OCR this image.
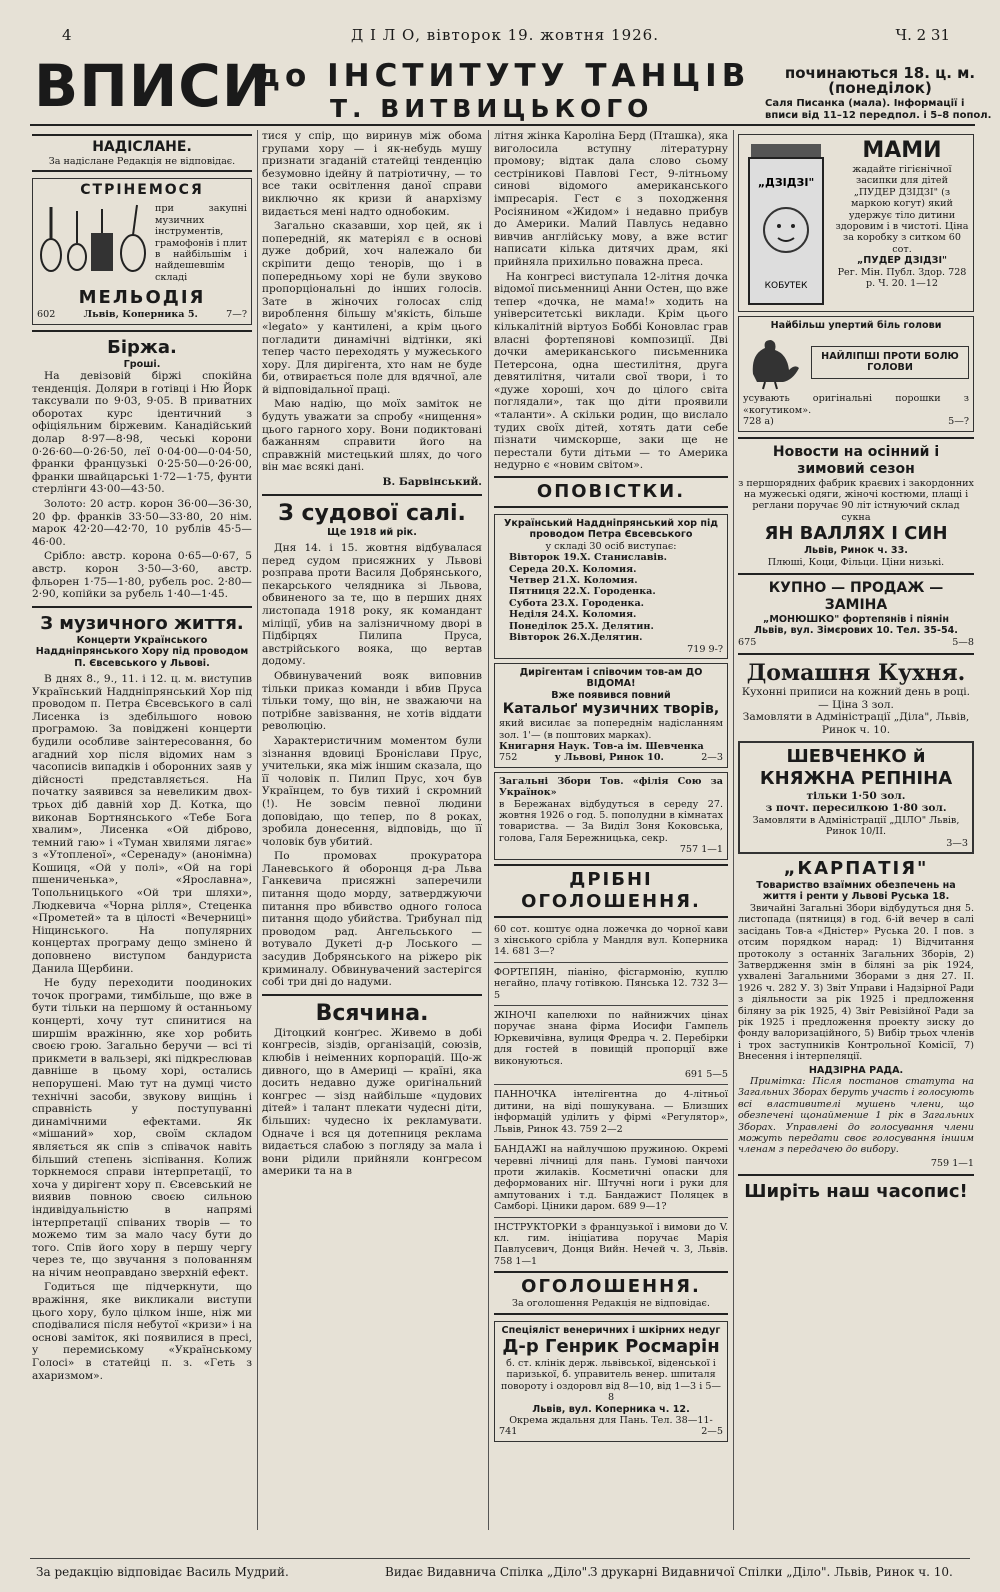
4	Д І Л О, вівторок 19. жовтня 1926.	Ч. 2 31
ВПИСИ
до ІНСТИТУТУ ТАНЦІВ
Т. ВИТВИЦЬКОГО
починаються 18. ц. м. (понеділок)
Саля Писанка (мала). Інформації і вписи від 11–12 передпол. і 5–8 попол.
НАДІСЛАНЕ.
За надіслане Редакція не відповідає.
СТРІНЕМОСЯ
при закупні музичних інструментів, грамофонів і плит в найбільшім і найдешевшім складі
МЕЛЬОДІЯ
602	Львів, Коперника 5.	7—?
Біржа.
Гроші.

На девізовій біржі спокійна тенденція. Доляри в готівці і Ню Йорк таксували по 9·03, 9·05. В приватних оборотах курс ідентичний з офіціяльним біржевим. Канадійський долар 8·97—8·98, чеські корони 0·26·60—0·26·50, леї 0·04·00—0·04·50, франки французькі 0·25·50—0·26·00, франки швайцарські 1·72—1·75, фунти стерлінги 43·00—43·50.

Золото: 20 астр. корон 36·00—36·30, 20 фр. франків 33·50—33·80, 20 нім. марок 42·20—42·70, 10 рублів 45·5—46·00.

Срібло: австр. корона 0·65—0·67, 5 австр. корон 3·50—3·60, австр. фльорен 1·75—1·80, рубель рос. 2·80—2·90, копійки за рубель 1·40—1·45.

З музичного життя.
Концерти Українського Наддніпрянського Хору під проводом П. Євсевського у Львові.

В днях 8., 9., 11. і 12. ц. м. виступив Український Наддніпрянський Хор під проводом п. Петра Євсевського в салі Лисенка із здебільшого новою програмою. За повіджені концерти будили особливе заінтересовання, бо агадний хор після відомих нам з часописів випадків і оборонних заяв у дійсності представляється. На початку заявився за невеликим двох-трьох діб давній хор Д. Котка, що виконав Бортнянського «Тебе Бога хвалим», Лисенка «Ой діброво, темний гаю» і «Туман хвилями лягає» з «Утопленої», «Серенаду» (анонімна) Кошиця, «Ой у полі», «Ой на горі пшениченька», «Ярославна», Топольницького «Ой три шляхи», Людкевича «Чорна рілля», Стеценка «Прометей» та в цілості «Вечерниці» Ніщинського. На популярних концертах програму дещо змінено й доповнено виступом бандуриста Данила Щербини.

Не буду переходити поодиноких точок програми, тимбільше, що вже в бути тільки на першому й останньому концерті, хочу тут спинитися на ширшім вражінню, яке хор робить своєю грою. Загально беручи — всі ті прикмети в вальзері, які підкреслював давніше в цьому хорі, остались непорушені. Маю тут на думці чисто технічні засоби, звукову вищінь і справність у поступуванні динамічними ефектами. Як «мішаний» хор, своїм складом являється як спів з співачок навіть більший степень зіспівання. Колиж торкнемося справи інтерпретації, то хоча у дирігент хору п. Євсевський не виявив повною своєю сильною індивідуальністю в напрямі інтерпретації співаних творів — то можемо тим за мало часу бути до того. Спів його хору в першу чергу через те, що звучання з полованням на нічим неоправдано зверхній ефект.

Годиться ще підчеркнути, що вражіння, яке викликали виступи цього хору, було цілком інше, ніж ми сподівалися після небутої «кризи» і на основі заміток, які появилися в пресі, у перемиському «Українському Голосі» в статейці п. з. «Геть з ахаризмом».

тися у спір, що виринув між обома групами хору — і як-небудь мушу признати згаданій статейці тенденцію безумовно ідейну й патріотичну, — то все таки освітлення даної справи виключно як кризи й анархізму видається мені надто однобоким.

Загально сказавши, хор цей, як і попередній, як матеріял є в основі дуже добрий, хоч належало би скріпити дещо тенорів, що і в попередньому хорі не були звуково пропорціональні до інших голосів. Зате в жіночих голосах слід вироблення більшу м'якість, більше «legato» у кантилені, а крім цього погладити динамічні відтінки, які тепер часто переходять у мужеського хору. Для дирігента, хто нам не буде би, отвирається поле для вдячної, але й відповідальної праці.

Маю надію, що моїх заміток не будуть уважати за спробу «нищення» цього гарного хору. Вони подиктовані бажанням справити його на справжній мистецький шлях, до чого він має всякі дані.

В. Барвінський.
З судової салі.
Ще 1918 ий рік.

Дня 14. і 15. жовтня відбувалася перед судом присяжних у Львові розправа проти Василя Добрянського, пекарського челядника зі Львова, обвиненого за те, що в перших днях листопада 1918 року, як командант міліції, убив на залізничному дворі в Підбірцях Пилипа Пруса, австрійського вояка, що вертав додому.

Обвинувачений вояк виповнив тільки приказ команди і вбив Пруса тільки тому, що він, не зважаючи на потрібне завізвання, не хотів віддати революцію.

Характеристичним моментом були зізнання вдовиці Броніслави Прус, учительки, яка між іншим сказала, що її чоловік п. Пилип Прус, хоч був Українцем, то був тихий і скромний (!). Не зовсім певної людини доповідаю, що тепер, по 8 роках, зробила донесення, відповідь, що її чоловік був убитий.

По промовах прокуратора Ланевського й оборонця д-ра Льва Ганкевича присяжні заперечили питання щодо морду, затверджуючи питання про вбивство одного голоса питання щодо убийства. Трибунал під проводом рад. Ангельського — вотувало Дукеті д-р Лоського — засудив Добрянського на ріжеро рік криминалу. Обвинувачений застерігся собі три дні до надуми.

Всячина.

Дітоцкий конґрес. Живемо в добі конгресів, зіздів, організацій, союзів, клюбів і неіменних корпорацій. Що-ж дивного, що в Америці — країні, яка досить недавно дуже оригінальний конгрес — зізд найбільше «цудових дітей» і талант плекати чудесні діти, більших: чудесно іх рекламувати. Одначе і вся ця дотепниця реклама видається слабою з погляду за мала і вони рідили прийняли конгресом америки та на в

літня жінка Кароліна Берд (Пташка), яка виголосила вступну літературну промову; відтак дала слово сьому сестріникові Павлові Гест, 9-літньому синові відомого американського імпресарія. Гест є з походження Росіянином «Жидом» і недавно прибув до Америки. Малий Павлусь недавно вивчив англійську мову, а вже встиг написати кілька дитячих драм, які прийняла прихильно поважна преса.

На конгресі виступала 12-літня дочка відомої письменниці Анни Остен, що вже тепер «дочка, не мама!» ходить на університетські виклади. Крім цього кількалітній віртуоз Боббі Коновлас грав власні фортепянові композиції. Дві дочки американського письменника Петерсона, одна шестилітня, друга девятилітня, читали свої твори, і то «дуже хороші, хоч до цілого світа поглядали», так що діти проявили «таланти». А скільки родин, що вислало тудих своїх дітей, хотять дати себе пізнати чимскорше, заки ще не перестали бути дітьми — то Америка недурно є «новим світом».

ОПОВІСТКИ.
Український Наддніпрянський хор під проводом Петра Євсевського
у складі 30 осіб виступає:
Вівторок 19.Х. Станиславів.
Середа 20.Х. Коломия.
Четвер 21.Х. Коломия.
Пятниця 22.Х. Городенка.
Субота 23.Х. Городенка.
Неділя 24.Х. Коломия.
Понеділок 25.Х. Делятин.
Вівторок 26.Х.Делятин.
719 9-?
Дирігентам і співочим тов-ам ДО ВІДОМА!
Вже появився повний
Катальоґ музичних творів,
який висилає за попереднім надісланням зол. 1'— (в поштових марках).
Книгарня Наук. Тов-а ім. Шевченка
752	у Львові, Ринок 10.	2—3
Загальні Збори Тов. «філія Сою за Українок»
в Бережанах відбудуться в середу 27. жовтня 1926 о год. 5. пополудни в кімнатах товариства. — За Виділ Зоня Коковська, голова, Галя Бережницька, секр.
757 1—1
ДРІБНІ ОГОЛОШЕННЯ.

60 сот. коштує одна ложечка до чорної кави з хінського срібла у Мандля вул. Коперника 14. 681 3—?

ФОРТЕПЯН, піаніно, фісгармонію, куплю негайно, плачу готівкою. Пянська 12. 732 3—5

ЖІНОЧІ капелюхи по найнижчих цінах поручає знана фірма Иосифи Гампель Юркевичівна, вулиця Фредра ч. 2. Перебірки для гостей в повищій пропорції вже виконуються.

691 5—5

ПАННОЧКА інтелігентна до 4-літньої дитини, на віді пошукувана. — Близших інформацій уділить у фірмі «Регулятор», Львів, Ринок 43. 759 2—2

БАНДАЖІ на найлучшою пружиною. Окремі черевні лічниці для пань. Гумові панчохи проти жилаків. Косметичні опаски для деформованих ніг. Штучні ноги і руки для ампутованих і т.д. Бандажист Поляцек в Самборі. Ціники даром. 689 9—1?

ІНСТРУКТОРКИ з французької і вимови до V. кл. гим. ініціатива поручає Марія Павлусевич, Донця Вийн. Нечей ч. 3, Львів. 758 1—1

ОГОЛОШЕННЯ.
За оголошення Редакція не відповідає.
Спеціяліст венеричних і шкірних недуг
Д-р Генрик Росмарін
б. ст. клінік держ. львівської, віденської і паризької, б. управитель венер. шпиталя повороту і оздоровл від 8—10, від 1—3 і 5—8
Львів, вул. Коперника ч. 12.
Окрема ждальня для Пань. Тел. 38—11-
741	2—5
„ДЗІДЗІ"
КОБУТЕК
МАМИ
жадайте гігієнічної засипки для дітей „ПУДЕР ДЗІДЗІ" (з маркою когут) який удержує тіло дитини здоровим і в чистоті. Ціна за коробку з ситком 60 сот.
„ПУДЕР ДЗІДЗІ"
Рег. Мін. Публ. Здор. 728 р. Ч. 20. 1—12
Найбільш упертий біль голови
НАЙЛІПШІ ПРОТИ БОЛЮ ГОЛОВИ
усувають оригінальні порошки з «когутиком».
728 а)	5—?
Новости на осінний і зимовий сезон
з першорядних фабрик краєвих і закордонних на мужеські одяги, жіночі костюми, плащі і реглани поручає 90 літ істнуючий склад сукна
ЯН ВАЛЛЯХ І СИН
Львів, Ринок ч. 33.
Плюші, Коци, Фільци. Ціни низькі.
КУПНО — ПРОДАЖ — ЗАМІНА
„МОНЮШКО" фортепянів і піянін
Львів, вул. Зімєрових 10. Тел. 35-54.
675	5—8
Домашня Кухня.
Кухонні приписи на кожний день в році. — Ціна 3 зол.
Замовляти в Адміністрації „Діла", Львів, Ринок ч. 10.
ШЕВЧЕНКО й
КНЯЖНА РЕПНІНА
тільки 1·50 зол.
з почт. пересилкою 1·80 зол.
Замовляти в Адміністрації „ДІЛО" Львів, Ринок 10/II.
3—3
„КАРПАТІЯ"
Товариство взаїмних обезпечень на життя і ренти у Львові Руська 18.

Звичайні Загальні Збори відбудуться дня 5. листопада (пятниця) в год. 6-ій вечер в салі засідань Тов-а «Дністер» Руська 20. I пов. з отсим порядком нарад: 1) Відчитання протоколу з останніх Загальних Зборів, 2) Затвердження змін в біляні за рік 1924, ухвалені Загальними Зборами з дня 27. II. 1926 ч. 282 У. З) Звіт Управи і Надзірної Ради з діяльности за рік 1925 і предложення біляну за рік 1925, 4) Звіт Ревізійної Ради за рік 1925 і предложення проекту зиску до фонду валоризаційного, 5) Вибір трьох членів і трох заступників Контрольної Комісії, 7) Внесення і інтерпеляції.

НАДЗІРНА РАДА.

Примітка: Після постанов статута на Загальних Зборах беруть участь і голосують всі властивителі мушень члени, що обезпечені щонайменше 1 рік в Загальних Зборах. Управлені до голосування члени можуть передати своє голосування іншим членам з передачею до вибору.

759 1—1
Ширіть наш часопис!
За редакцію відповідає Василь Мудрий.	Видає Видавнича Спілка „Діло".
З друкарні Видавничої Спілки „Діло". Львів, Ринок ч. 10.
